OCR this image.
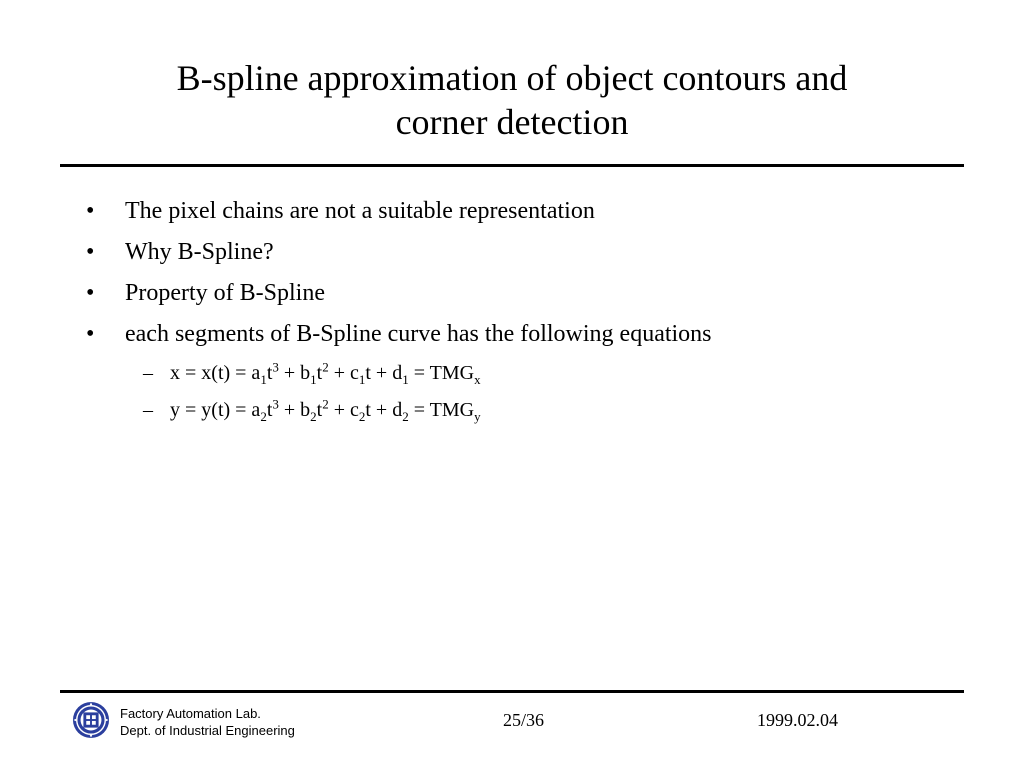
B-spline approximation of object contours and
corner detection
• The pixel chains are not a suitable representation
• Why B-Spline?
• Property of B-Spline
• each segments of B-Spline curve has the following equations
– $x = x(t) = a_1t^3 + b_1t^2 + c_1t + d_1 = TMG_x$
– $y = y(t) = a_2t^3 + b_2t^2 + c_2t + d_2 = TMG_y$
Factory Automation Lab.
Dept. of Industrial Engineering
25/36	1999.02.04
